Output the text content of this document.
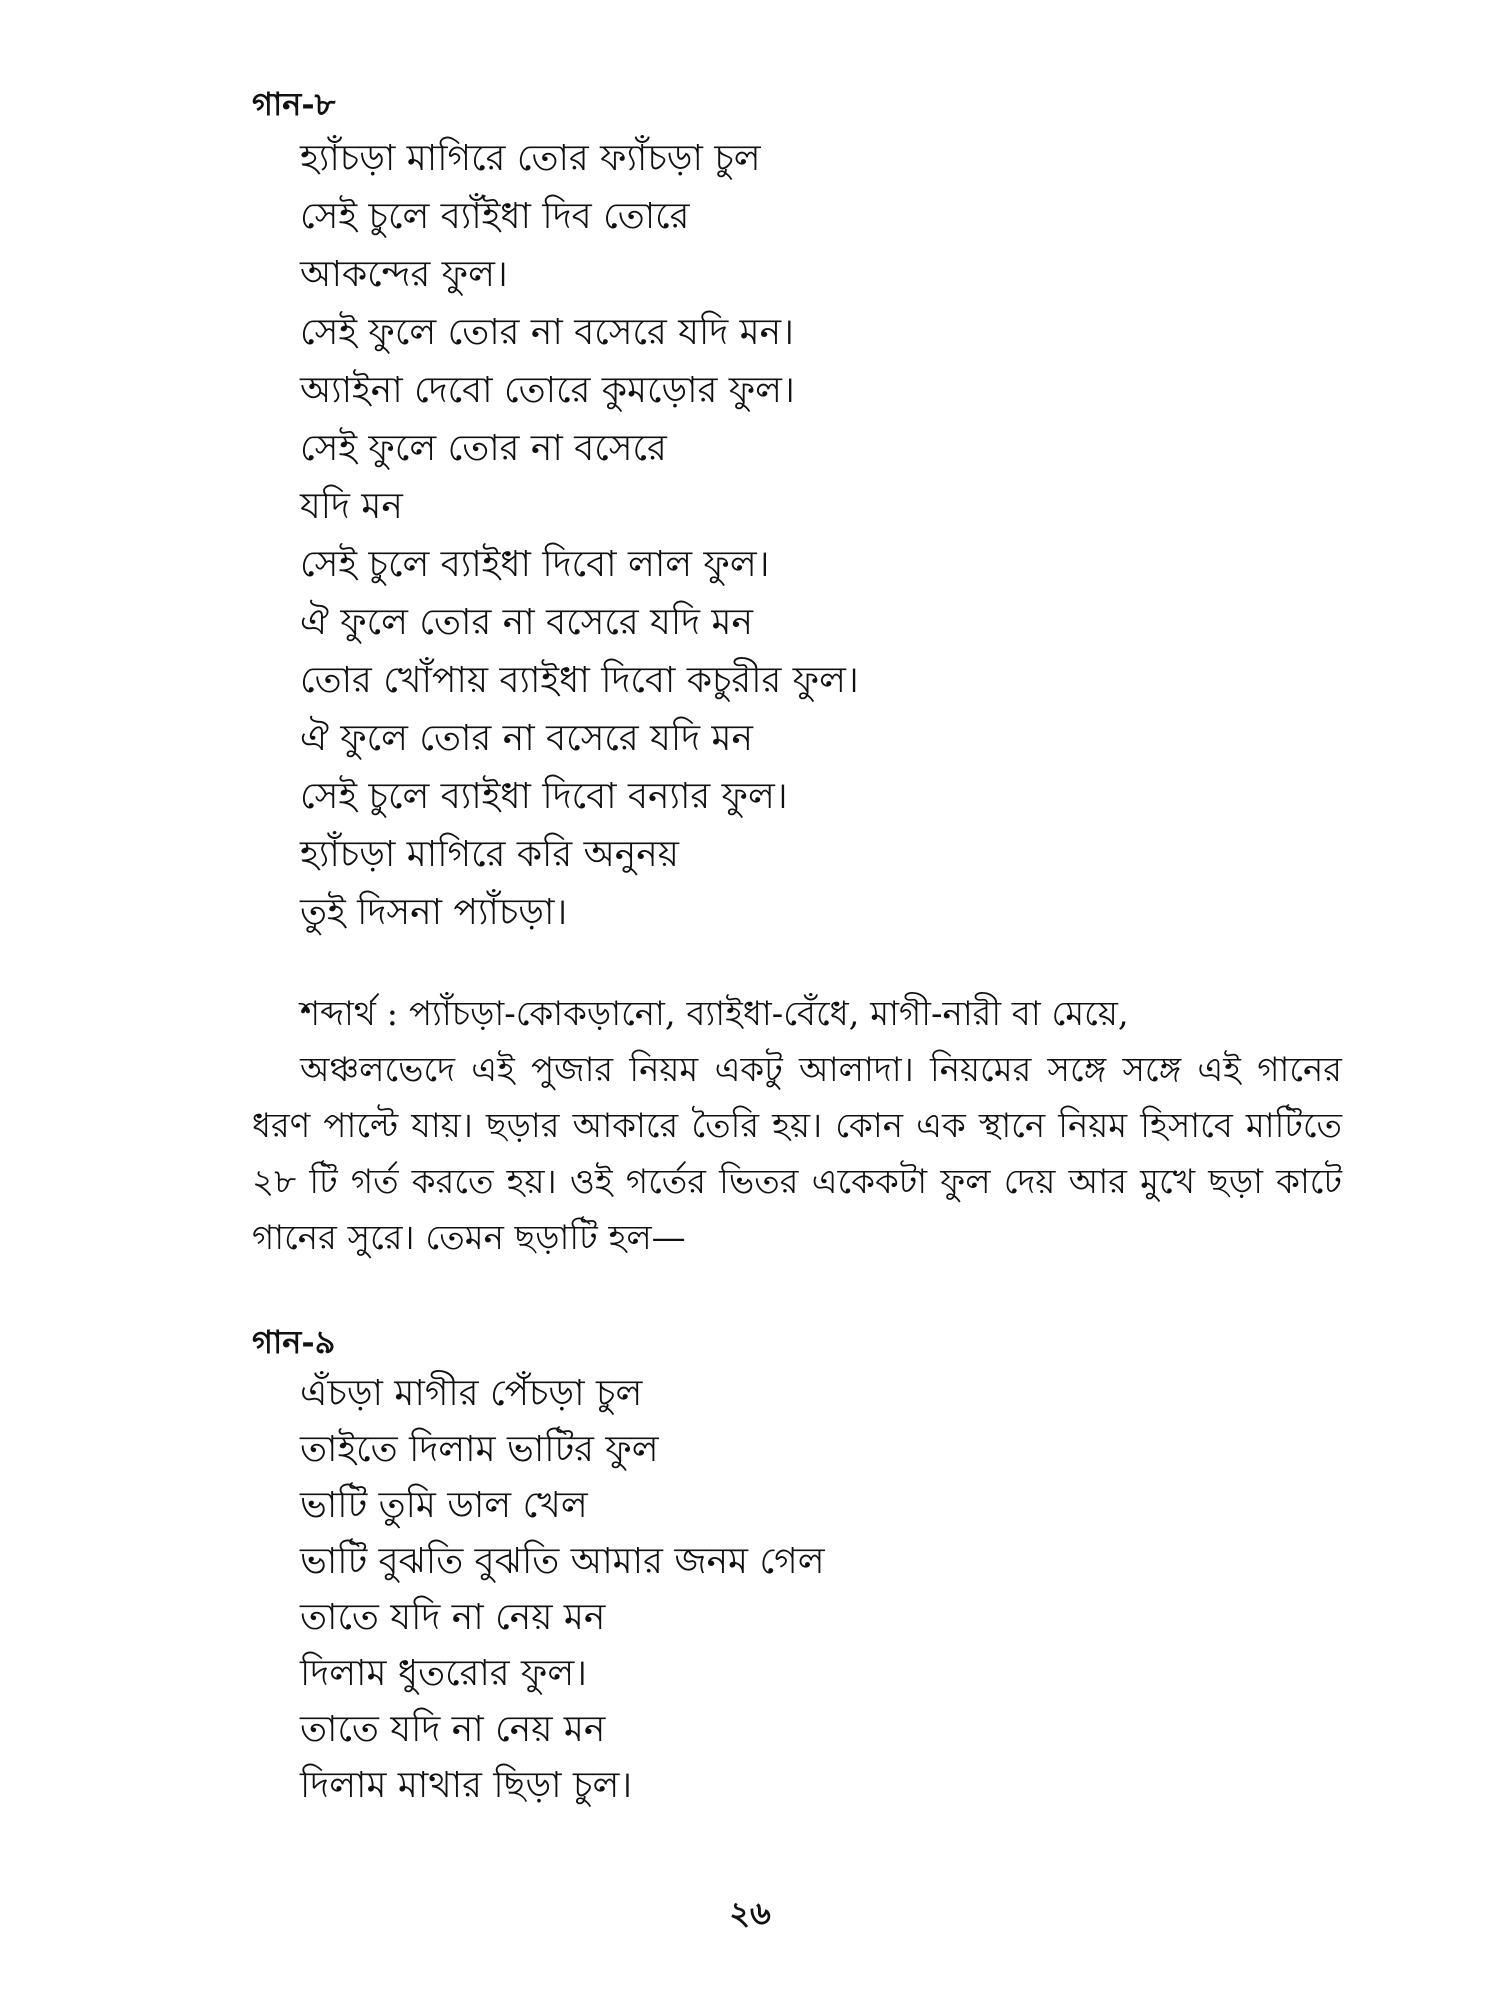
গান-৮
হ্যাঁচড়া মাগিরে তোর ফ্যাঁচড়া চুল
সেই চুলে ব্যাঁইধা দিব তোরে
আকন্দের ফুল।
সেই ফুলে তোর না বসেরে যদি মন।
অ্যাইনা দেবো তোরে কুমড়োর ফুল।
সেই ফুলে তোর না বসেরে
যদি মন
সেই চুলে ব্যাইধা দিবো লাল ফুল।
ঐ ফুলে তোর না বসেরে যদি মন
তোর খোঁপায় ব্যাইধা দিবো কচুরীর ফুল।
ঐ ফুলে তোর না বসেরে যদি মন
সেই চুলে ব্যাইধা দিবো বন্যার ফুল।
হ্যাঁচড়া মাগিরে করি অনুনয়
তুই দিসনা প্যাঁচড়া।

শব্দার্থ : প্যাঁচড়া-কোকড়ানো, ব্যাইধা-বেঁধে, মাগী-নারী বা মেয়ে,

অঞ্চলভেদে এই পুজার নিয়ম একটু আলাদা। নিয়মের সঙ্গে সঙ্গে এই গানের ধরণ পাল্টে যায়। ছড়ার আকারে তৈরি হয়। কোন এক স্থানে নিয়ম হিসাবে মাটিতে ২৮ টি গর্ত করতে হয়। ওই গর্তের ভিতর একেকটা ফুল দেয় আর মুখে ছড়া কাটে গানের সুরে। তেমন ছড়াটি হল—

গান-৯
এঁচড়া মাগীর পেঁচড়া চুল
তাইতে দিলাম ভাটির ফুল
ভাটি তুমি ডাল খেল
ভাটি বুঝতি বুঝতি আমার জনম গেল
তাতে যদি না নেয় মন
দিলাম ধুতরোর ফুল।
তাতে যদি না নেয় মন
দিলাম মাথার ছিড়া চুল।
২৬
